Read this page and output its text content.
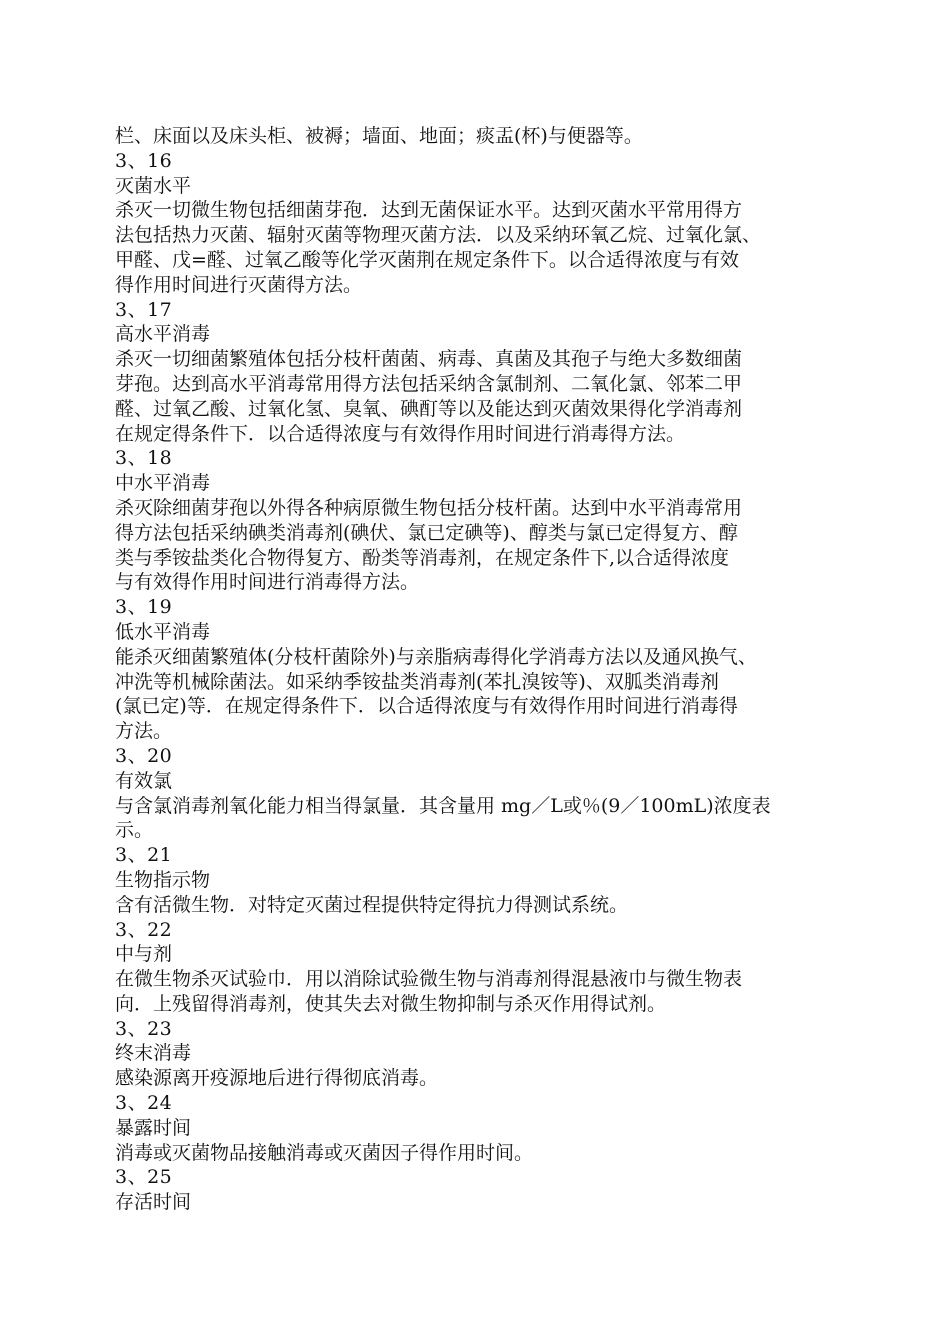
栏、床面以及床头柜、被褥；墙面、地面；痰盂(杯)与便器等。
3、16
灭菌水平
杀灭一切微生物包括细菌芽孢．达到无菌保证水平。达到灭菌水平常用得方
法包括热力灭菌、辐射灭菌等物理灭菌方法．以及采纳环氧乙烷、过氧化氯、
甲醛、戊=醛、过氧乙酸等化学灭菌荆在规定条件下。以合适得浓度与有效
得作用时间进行灭菌得方法。
3、17
高水平消毒
杀灭一切细菌繁殖体包括分枝杆菌菌、病毒、真菌及其孢子与绝大多数细菌
芽孢。达到高水平消毒常用得方法包括采纳含氯制剂、二氧化氯、邻苯二甲
醛、过氧乙酸、过氧化氢、臭氧、碘酊等以及能达到灭菌效果得化学消毒剂
在规定得条件下．以合适得浓度与有效得作用时间进行消毒得方法。
3、18
中水平消毒
杀灭除细菌芽孢以外得各种病原微生物包括分枝杆菌。达到中水平消毒常用
得方法包括采纳碘类消毒剂(碘伏、氯已定碘等)、醇类与氯已定得复方、醇
类与季铵盐类化合物得复方、酚类等消毒剂，在规定条件下,以合适得浓度
与有效得作用时间进行消毒得方法。
3、19
低水平消毒
能杀灭细菌繁殖体(分枝杆菌除外)与亲脂病毒得化学消毒方法以及通风换气、
冲洗等机械除菌法。如采纳季铵盐类消毒剂(苯扎溴铵等)、双胍类消毒剂
(氯已定)等．在规定得条件下．以合适得浓度与有效得作用时间进行消毒得
方法。
3、20
有效氯
与含氯消毒剂氧化能力相当得氯量．其含量用 mg／L或％(9／100mL)浓度表
示。
3、21
生物指示物
含有活微生物．对特定灭菌过程提供特定得抗力得测试系统。
3、22
中与剂
在微生物杀灭试验巾．用以消除试验微生物与消毒剂得混悬液巾与微生物表
向．上残留得消毒剂，使其失去对微生物抑制与杀灭作用得试剂。
3、23
终末消毒
感染源离开疫源地后进行得彻底消毒。
3、24
暴露时间
消毒或灭菌物品接触消毒或灭菌因子得作用时间。
3、25
存活时间
